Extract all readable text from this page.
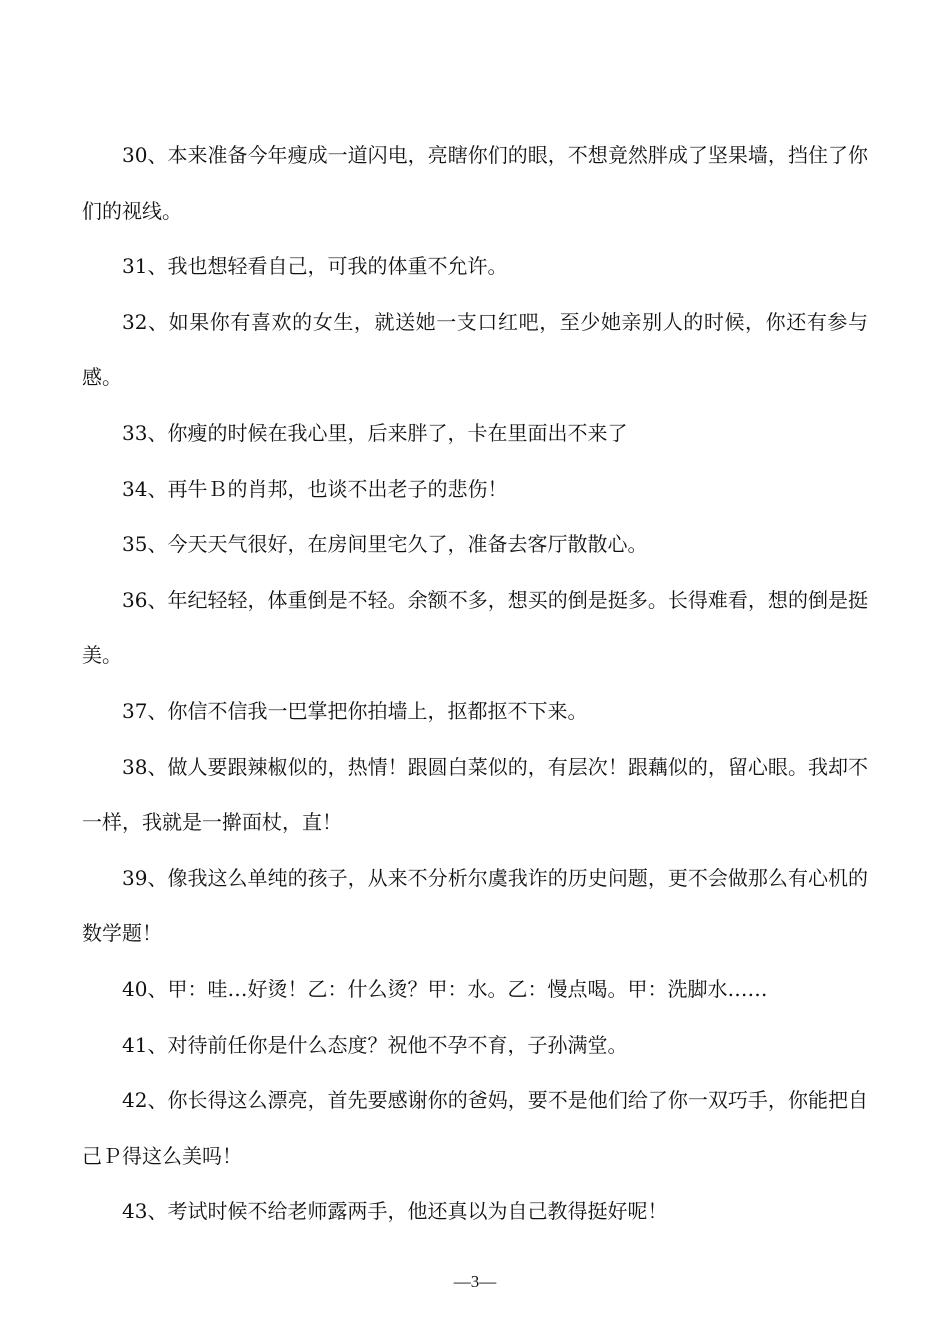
30、本来准备今年瘦成一道闪电，亮瞎你们的眼，不想竟然胖成了坚果墙，挡住了你们的视线。

31、我也想轻看自己，可我的体重不允许。

32、如果你有喜欢的女生，就送她一支口红吧，至少她亲别人的时候，你还有参与感。

33、你瘦的时候在我心里，后来胖了，卡在里面出不来了

34、再牛Ｂ的肖邦，也谈不出老子的悲伤！

35、今天天气很好，在房间里宅久了，准备去客厅散散心。

36、年纪轻轻，体重倒是不轻。余额不多，想买的倒是挺多。长得难看，想的倒是挺美。

37、你信不信我一巴掌把你拍墙上，抠都抠不下来。

38、做人要跟辣椒似的，热情！跟圆白菜似的，有层次！跟藕似的，留心眼。我却不一样，我就是一擀面杖，直！

39、像我这么单纯的孩子，从来不分析尔虞我诈的历史问题，更不会做那么有心机的数学题！

40、甲：哇…好烫！乙：什么烫？甲：水。乙：慢点喝。甲：洗脚水……

41、对待前任你是什么态度？祝他不孕不育，子孙满堂。

42、你长得这么漂亮，首先要感谢你的爸妈，要不是他们给了你一双巧手，你能把自己Ｐ得这么美吗！

43、考试时候不给老师露两手，他还真以为自己教得挺好呢！

—3—
